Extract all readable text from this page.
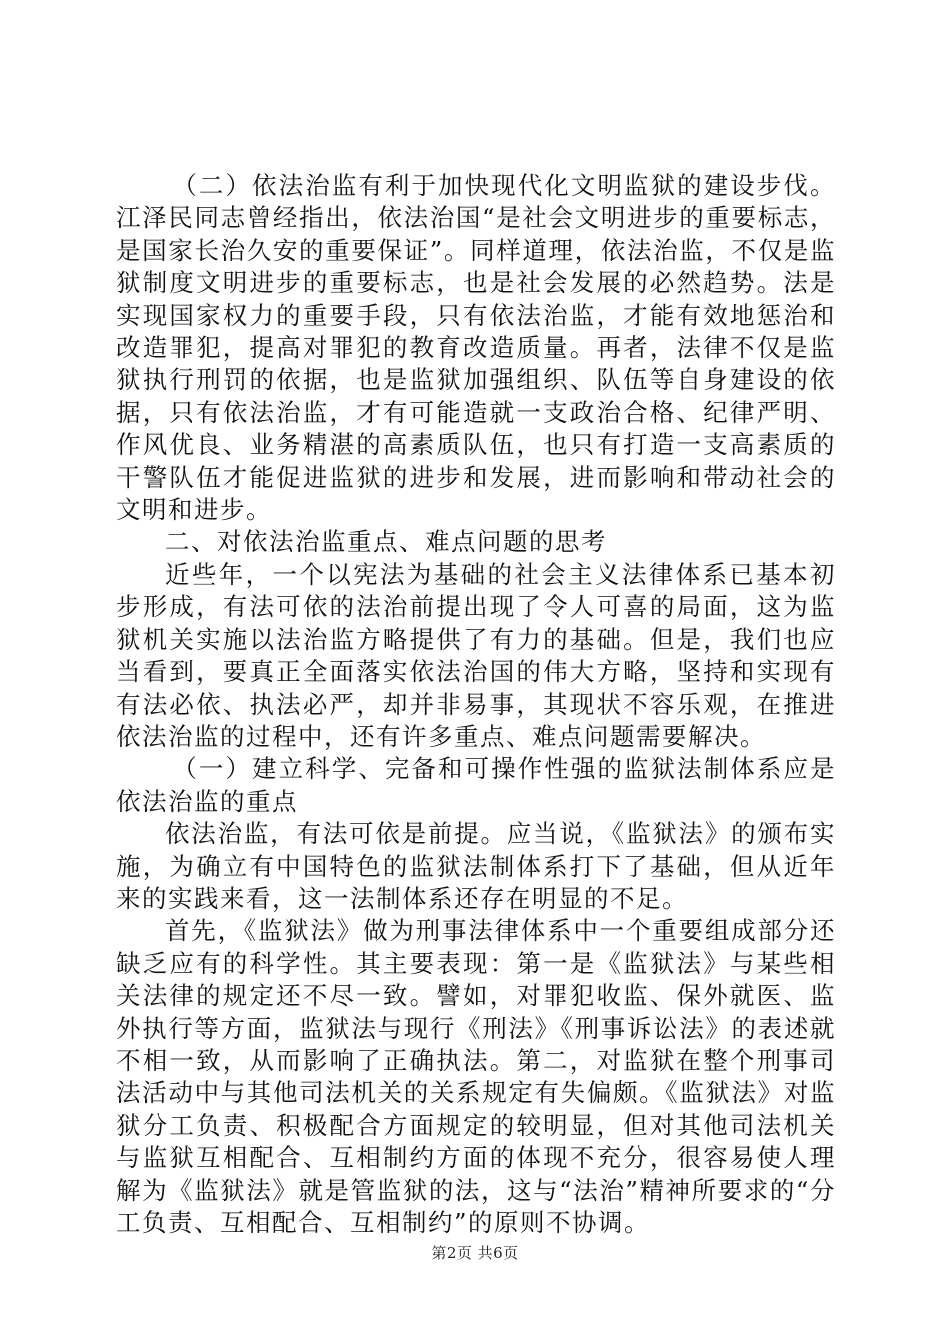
（二）依法治监有利于加快现代化文明监狱的建设步伐。江泽民同志曾经指出，依法治国“是社会文明进步的重要标志，是国家长治久安的重要保证”。同样道理，依法治监，不仅是监狱制度文明进步的重要标志，也是社会发展的必然趋势。法是实现国家权力的重要手段，只有依法治监，才能有效地惩治和改造罪犯，提高对罪犯的教育改造质量。再者，法律不仅是监狱执行刑罚的依据，也是监狱加强组织、队伍等自身建设的依据，只有依法治监，才有可能造就一支政治合格、纪律严明、作风优良、业务精湛的高素质队伍，也只有打造一支高素质的干警队伍才能促进监狱的进步和发展，进而影响和带动社会的文明和进步。

二、对依法治监重点、难点问题的思考

近些年，一个以宪法为基础的社会主义法律体系已基本初步形成，有法可依的法治前提出现了令人可喜的局面，这为监狱机关实施以法治监方略提供了有力的基础。但是，我们也应当看到，要真正全面落实依法治国的伟大方略，坚持和实现有有法必依、执法必严，却并非易事，其现状不容乐观，在推进依法治监的过程中，还有许多重点、难点问题需要解决。

（一）建立科学、完备和可操作性强的监狱法制体系应是依法治监的重点

依法治监，有法可依是前提。应当说，《监狱法》的颁布实施，为确立有中国特色的监狱法制体系打下了基础，但从近年来的实践来看，这一法制体系还存在明显的不足。

首先，《监狱法》做为刑事法律体系中一个重要组成部分还缺乏应有的科学性。其主要表现：第一是《监狱法》与某些相关法律的规定还不尽一致。譬如，对罪犯收监、保外就医、监外执行等方面，监狱法与现行《刑法》《刑事诉讼法》的表述就不相一致，从而影响了正确执法。第二，对监狱在整个刑事司法活动中与其他司法机关的关系规定有失偏颇。《监狱法》对监狱分工负责、积极配合方面规定的较明显，但对其他司法机关与监狱互相配合、互相制约方面的体现不充分，很容易使人理解为《监狱法》就是管监狱的法，这与“法治”精神所要求的“分工负责、互相配合、互相制约”的原则不协调。

第2页 共6页
